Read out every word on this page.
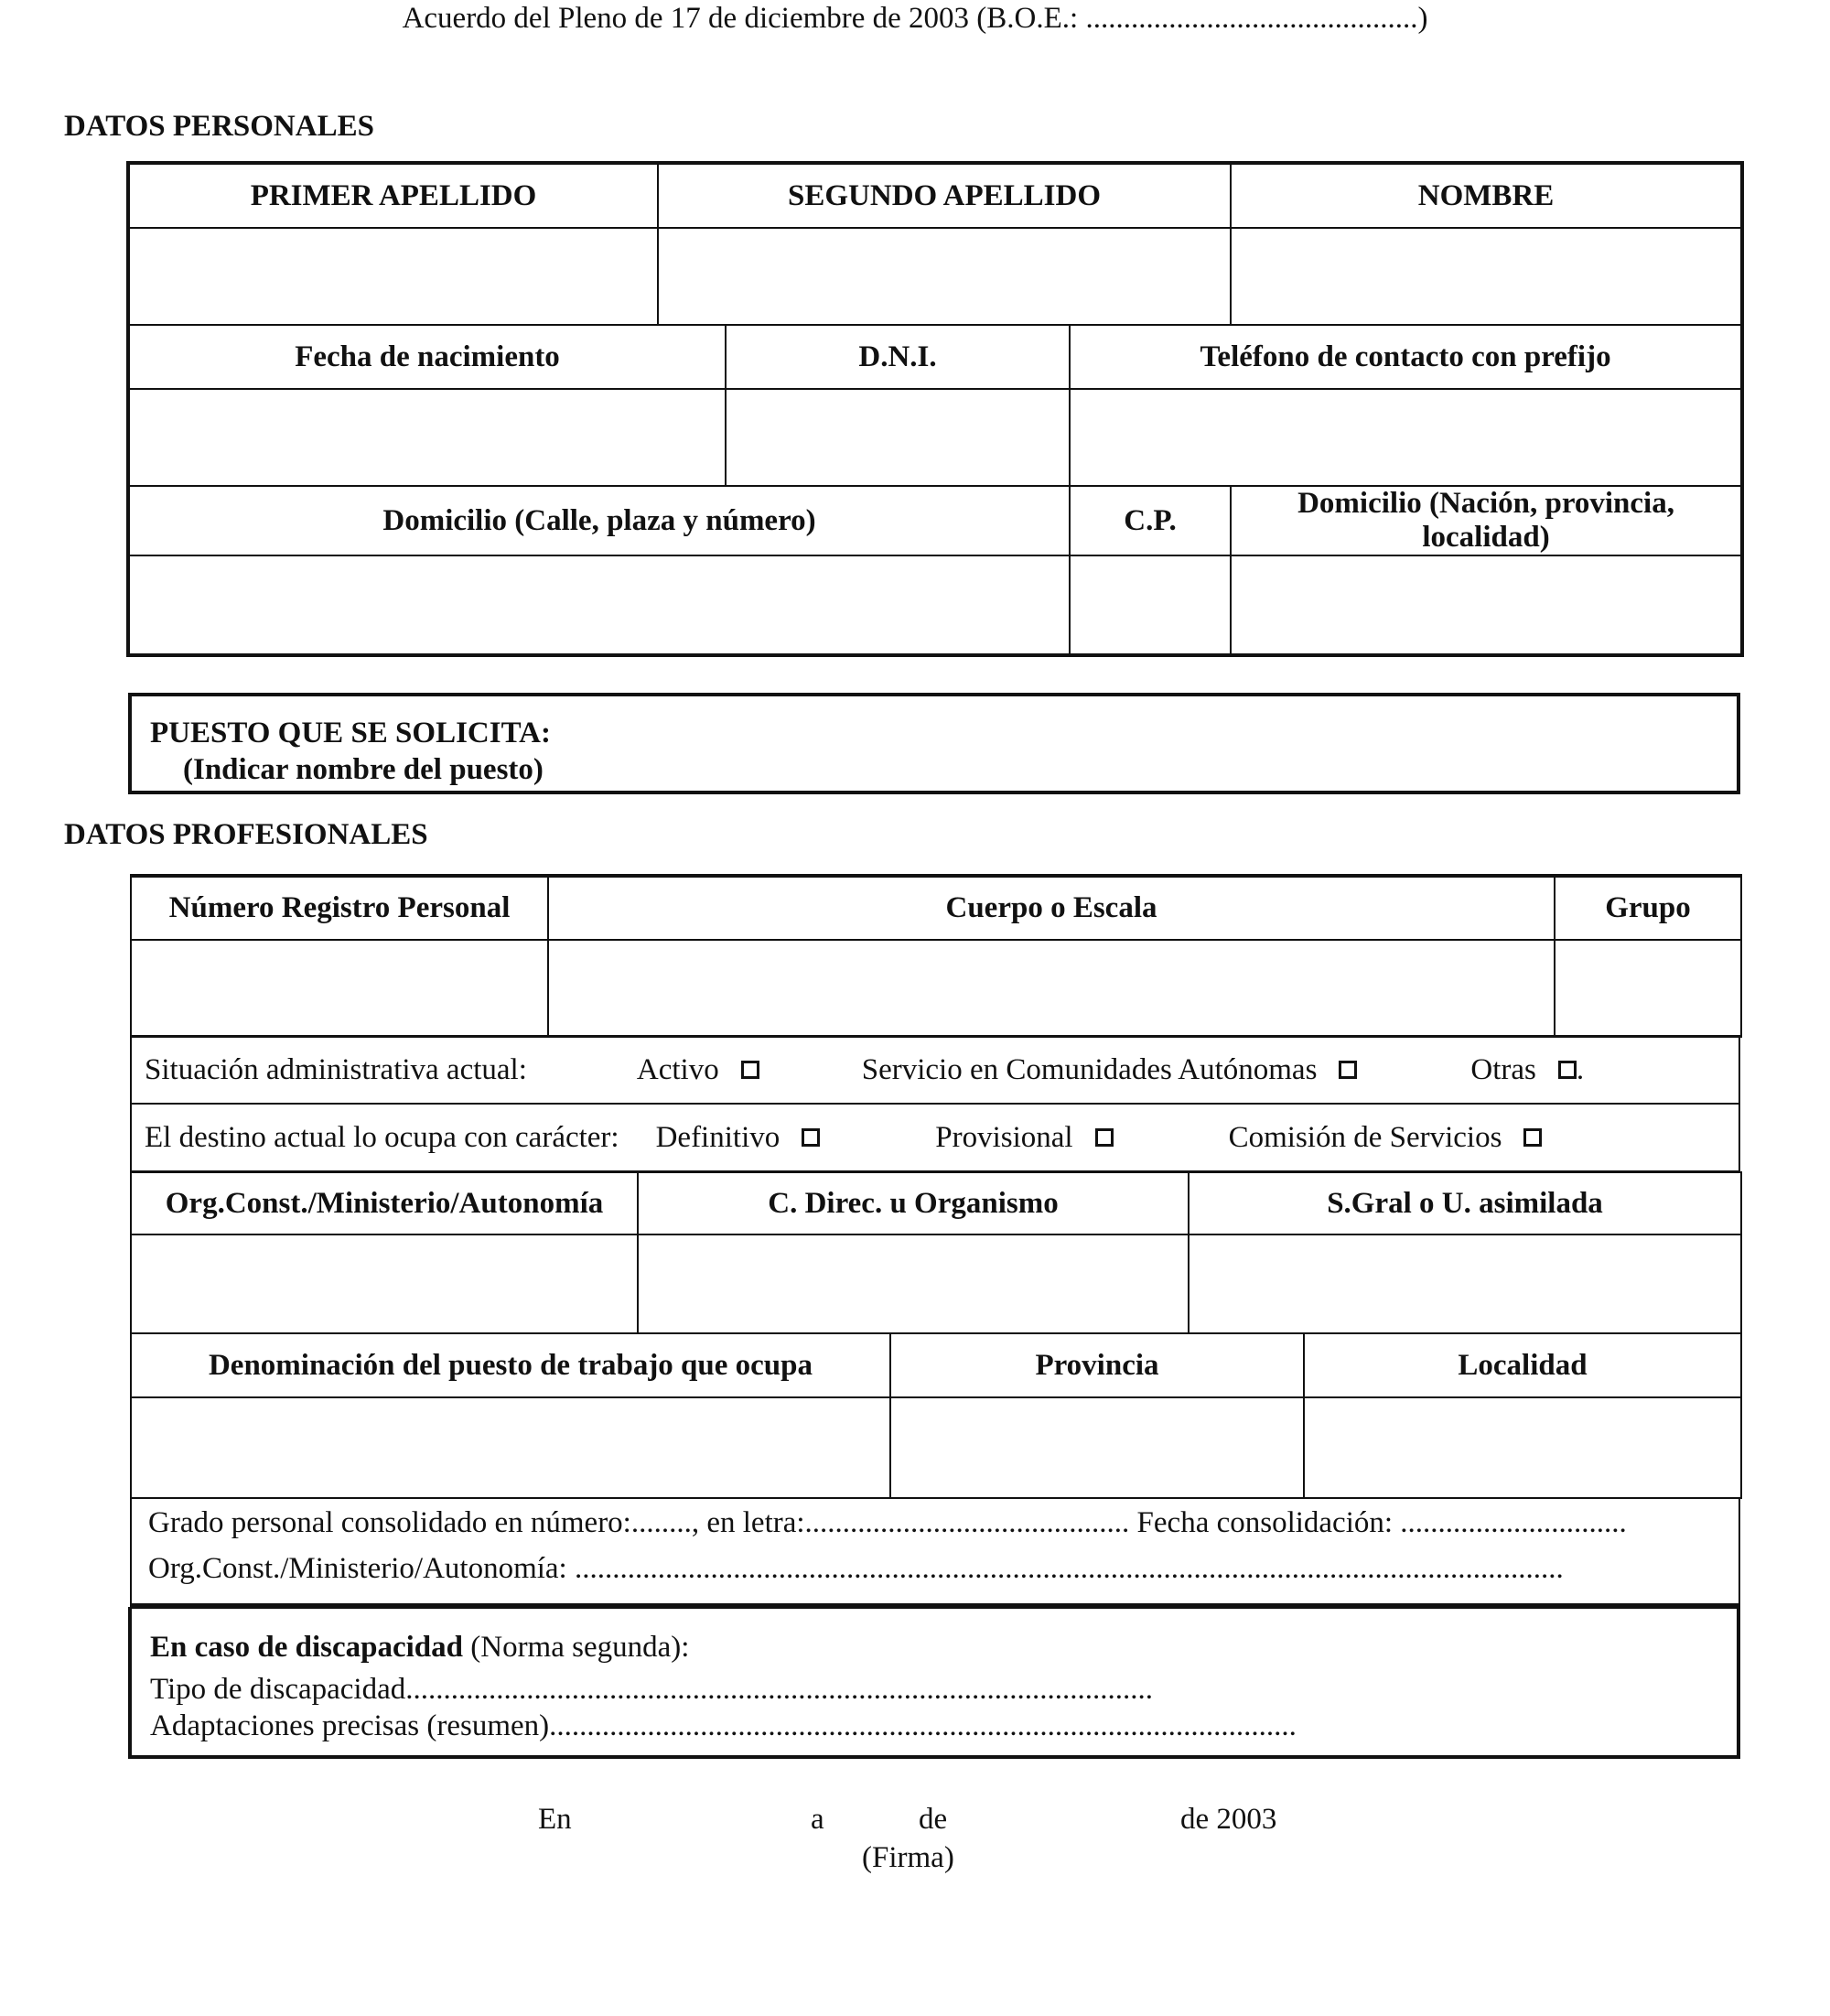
Acuerdo del Pleno de 17 de diciembre de 2003 (B.O.E.: ............................................)
DATOS PERSONALES
PRIMER APELLIDO	SEGUNDO APELLIDO			NOMBRE

Fecha de nacimiento		D.N.I.	Teléfono de contacto con prefijo	

Domicilio (Calle, plaza y número)			C.P.	Domicilio (Nación, provincia, localidad)

PUESTO QUE SE SOLICITA:
(Indicar nombre del puesto)
DATOS PROFESIONALES
Número Registro Personal	Cuerpo o Escala	Grupo

Situación administrativa actual:	Activo	Servicio en Comunidades Autónomas	Otras .
El destino actual lo ocupa con carácter: Definitivo	Provisional	Comisión de Servicios
Org.Const./Ministerio/Autonomía	C. Direc. u Organismo	S.Gral o U. asimilada

Denominación del puesto de trabajo que ocupa	Provincia	Localidad

Grado personal consolidado en número:........, en letra:........................................... Fecha consolidación: ..............................
Org.Const./Ministerio/Autonomía: ...................................................................................................................................
En caso de discapacidad (Norma segunda):
Tipo de discapacidad...................................................................................................
Adaptaciones precisas (resumen)...................................................................................................
En	a	de	de 2003
(Firma)
